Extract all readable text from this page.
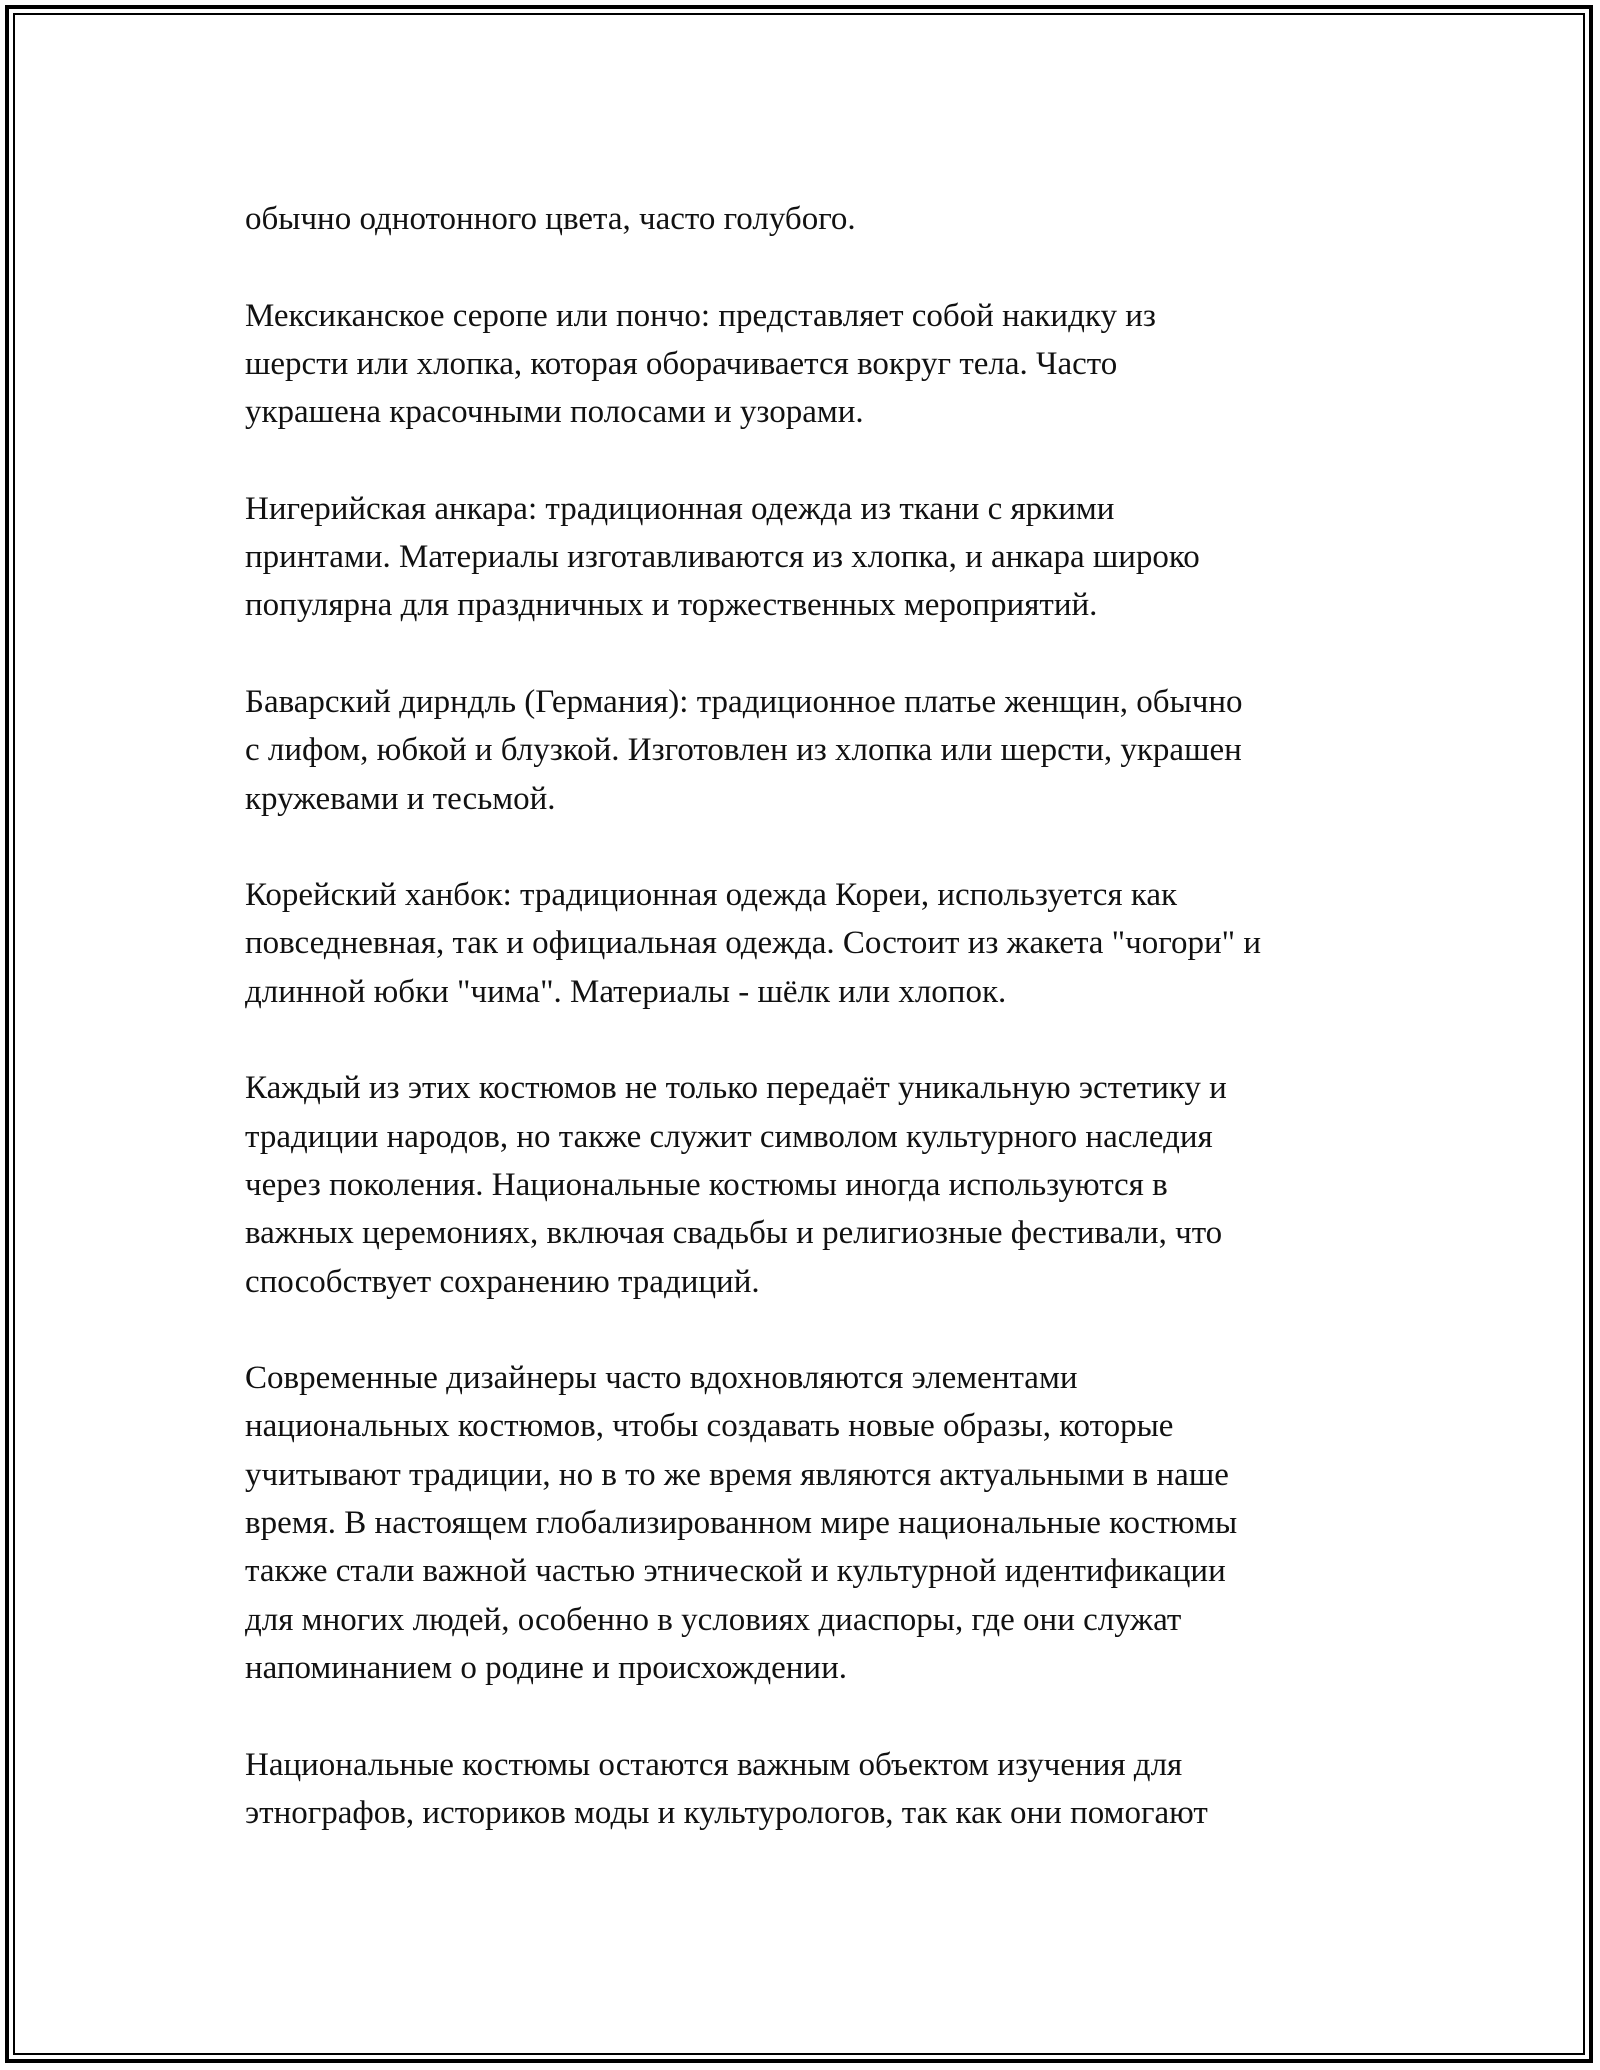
обычно однотонного цвета, часто голубого.

Мексиканское серопе или пончо: представляет собой накидку из
шерсти или хлопка, которая оборачивается вокруг тела. Часто
украшена красочными полосами и узорами.

Нигерийская анкара: традиционная одежда из ткани с яркими
принтами. Материалы изготавливаются из хлопка, и анкара широко
популярна для праздничных и торжественных мероприятий.

Баварский дирндль (Германия): традиционное платье женщин, обычно
с лифом, юбкой и блузкой. Изготовлен из хлопка или шерсти, украшен
кружевами и тесьмой.

Корейский ханбок: традиционная одежда Кореи, используется как
повседневная, так и официальная одежда. Состоит из жакета "чогори" и
длинной юбки "чима". Материалы - шёлк или хлопок.

Каждый из этих костюмов не только передаёт уникальную эстетику и
традиции народов, но также служит символом культурного наследия
через поколения. Национальные костюмы иногда используются в
важных церемониях, включая свадьбы и религиозные фестивали, что
способствует сохранению традиций.

Современные дизайнеры часто вдохновляются элементами
национальных костюмов, чтобы создавать новые образы, которые
учитывают традиции, но в то же время являются актуальными в наше
время. В настоящем глобализированном мире национальные костюмы
также стали важной частью этнической и культурной идентификации
для многих людей, особенно в условиях диаспоры, где они служат
напоминанием о родине и происхождении.

Национальные костюмы остаются важным объектом изучения для
этнографов, историков моды и культурологов, так как они помогают
